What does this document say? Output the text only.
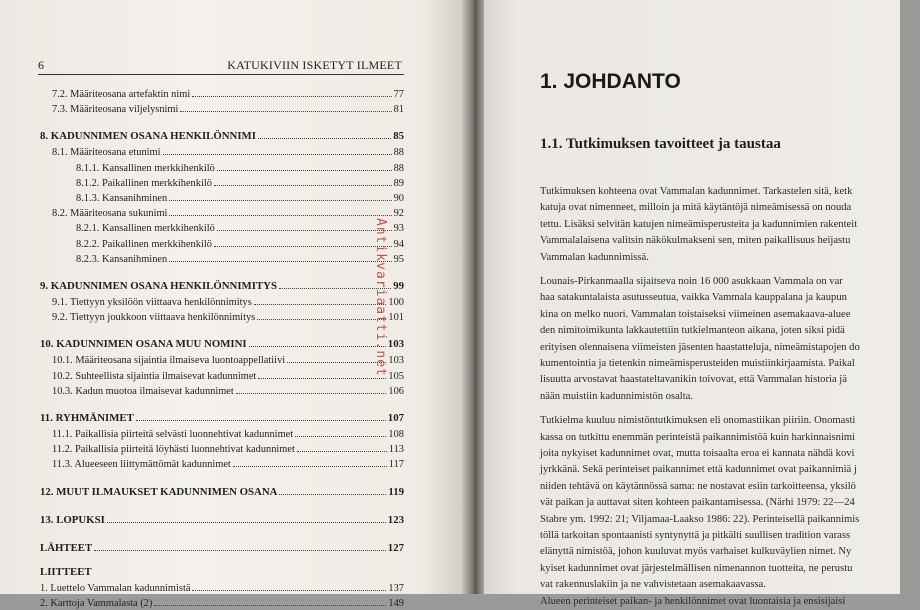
6	KATUKIVIIN ISKETYT ILMEET
7.2. Määriteosana artefaktin nimi	77
7.3. Määriteosana viljelysnimi	81
8. KADUNNIMEN OSANA HENKILÖNNIMI	85
8.1. Määriteosana etunimi	88
8.1.1. Kansallinen merkkihenkilö	88
8.1.2. Paikallinen merkkihenkilö	89
8.1.3. Kansanihminen	90
8.2. Määriteosana sukunimi	92
8.2.1. Kansallinen merkkihenkilö	93
8.2.2. Paikallinen merkkihenkilö	94
8.2.3. Kansanihminen	95
9. KADUNNIMEN OSANA HENKILÖNNIMITYS	99
9.1. Tiettyyn yksilöön viittaava henkilönnimitys	100
9.2. Tiettyyn joukkoon viittaava henkilönnimitys	101
10. KADUNNIMEN OSANA MUU NOMINI	103
10.1. Määriteosana sijaintia ilmaiseva luontoappellatiivi	103
10.2. Suhteellista sijaintia ilmaisevat kadunnimet	105
10.3. Kadun muotoa ilmaisevat kadunnimet	106
11. RYHMÄNIMET	107
11.1. Paikallisia piirteitä selvästi luonnehtivat kadunnimet	108
11.2. Paikallisia piirteitä löyhästi luonnehtivat kadunnimet	113
11.3. Alueeseen liittymättömät kadunnimet	117
12. MUUT ILMAUKSET KADUNNIMEN OSANA	119
13. LOPUKSI	123
LÄHTEET	127
LIITTEET
1. Luettelo Vammalan kadunnimistä	137
2. Karttoja Vammalasta (2)	149
Antikvariaatti.net
1. JOHDANTO
1.1. Tutkimuksen tavoitteet ja taustaa
Tutkimuksen kohteena ovat Vammalan kadunnimet. Tarkastelen sitä, ketk
katuja ovat nimenneet, milloin ja mitä käytäntöjä nimeämisessä on nouda
tettu. Lisäksi selvitän katujen nimeämisperusteita ja kadunnimien rakenteit
Vammalalaisena valitsin näkökulmakseni sen, miten paikallisuus heijastu
Vammalan kadunnimissä.
Lounais-Pirkanmaalla sijaitseva noin 16 000 asukkaan Vammala on var
haa satakuntalaista asutusseutua, vaikka Vammala kauppalana ja kaupun
kina on melko nuori. Vammalan toistaiseksi viimeinen asemakaava-aluee
den nimitoimikunta lakkautettiin tutkielmanteon aikana, joten siksi pidä
erityisen olennaisena viimeisten jäsenten haastatteluja, nimeämistapojen do
kumentointia ja tietenkin nimeämisperusteiden muistiinkirjaamista. Paikal
lisuutta arvostavat haastateltavanikin toivovat, että Vammalan historia jä
nään muistiin kadunnimistön osalta.
Tutkielma kuuluu nimistöntutkimuksen eli onomastiikan piiriin. Onomasti
kassa on tutkittu enemmän perinteistä paikannimistöä kuin harkinnaisnimi
joita nykyiset kadunnimet ovat, mutta toisaalta eroa ei kannata nähdä kovi
jyrkkänä. Sekä perinteiset paikannimet että kadunnimet ovat paikannimiä j
niiden tehtävä on käytännössä sama: ne nostavat esiin tarkoitteensa, yksilö
vät paikan ja auttavat siten kohteen paikantamisessa. (Närhi 1979: 22—24
Stabre ym. 1992: 21; Viljamaa-Laakso 1986: 22). Perinteisellä paikannimis
töllä tarkoitan spontaanisti syntynyttä ja pitkälti suullisen tradition varass
elänyttä nimistöä, johon kuuluvat myös varhaiset kulkuväylien nimet. Ny
kyiset kadunnimet ovat järjestelmällisen nimenannon tuotteita, ne perustu
vat rakennuslakiin ja ne vahvistetaan asemakaavassa.
Alueen perinteiset paikan- ja henkilönnimet ovat luontaisia ja ensisijaisi
